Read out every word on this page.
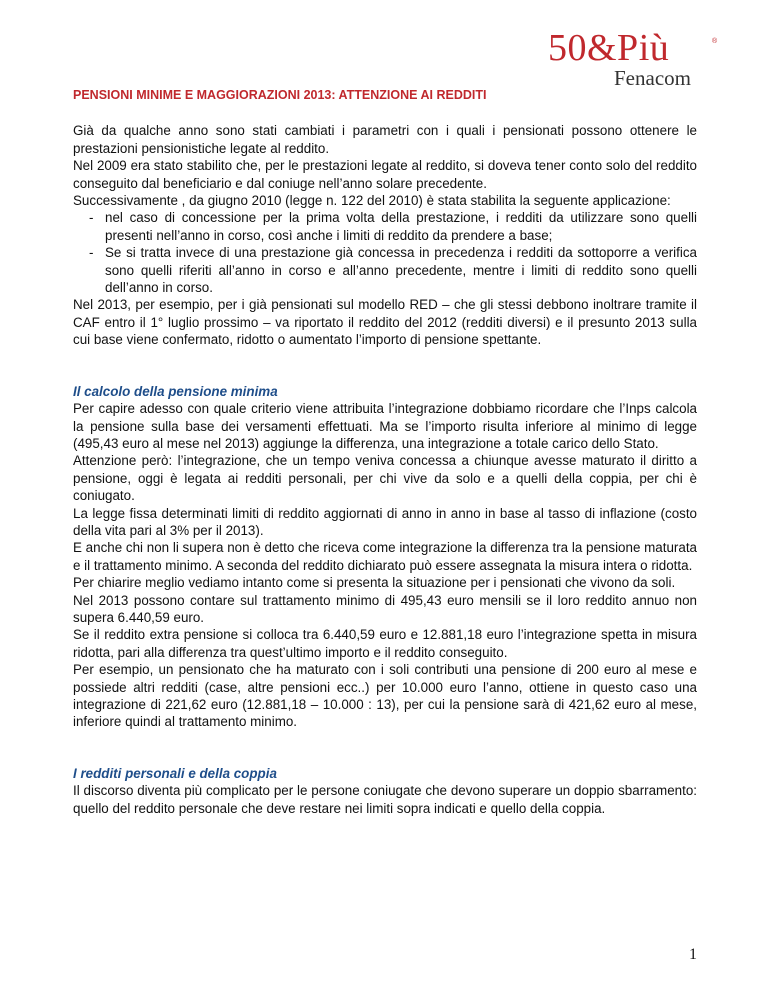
50&Più	®
Fenacom
PENSIONI MINIME E MAGGIORAZIONI 2013: ATTENZIONE AI REDDITI

Già da qualche anno sono stati cambiati i parametri con i quali i pensionati possono ottenere le prestazioni pensionistiche legate al reddito.

Nel 2009 era stato stabilito che, per le prestazioni legate al reddito, si doveva tener conto solo del reddito conseguito dal beneficiario e dal coniuge nell’anno solare precedente.

Successivamente , da giugno 2010 (legge n. 122 del 2010) è stata stabilita la seguente applicazione:

- nel caso di concessione per la prima volta della prestazione, i redditi da utilizzare sono quelli presenti nell’anno in corso, così anche i limiti di reddito da prendere a base;
- Se si tratta invece di una prestazione già concessa in precedenza i redditi da sottoporre a verifica sono quelli riferiti all’anno in corso e all’anno precedente, mentre i limiti di reddito sono quelli dell’anno in corso.

Nel 2013, per esempio, per i già pensionati sul modello RED – che gli stessi debbono inoltrare tramite il CAF entro il 1° luglio prossimo – va riportato il reddito del 2012 (redditi diversi) e il presunto 2013 sulla cui base viene confermato, ridotto o aumentato l’importo di pensione spettante.

Il calcolo della pensione minima

Per capire adesso con quale criterio viene attribuita l’integrazione dobbiamo ricordare che l’Inps calcola la pensione sulla base dei versamenti effettuati. Ma se l’importo risulta inferiore al minimo di legge (495,43 euro al mese nel 2013) aggiunge la differenza, una integrazione a totale carico dello Stato.

Attenzione però: l’integrazione, che un tempo veniva concessa a chiunque avesse maturato il diritto a pensione, oggi è legata ai redditi personali, per chi vive da solo e a quelli della coppia, per chi è coniugato.

La legge fissa determinati limiti di reddito aggiornati di anno in anno in base al tasso di inflazione (costo della vita pari al 3% per il 2013).

E anche chi non li supera non è detto che riceva come integrazione la differenza tra la pensione maturata e il trattamento minimo. A seconda del reddito dichiarato può essere assegnata la misura intera o ridotta.

Per chiarire meglio vediamo intanto come si presenta la situazione per i pensionati che vivono da soli.

Nel 2013 possono contare sul trattamento minimo di 495,43 euro mensili se il loro reddito annuo non supera 6.440,59 euro.

Se il reddito extra pensione si colloca tra 6.440,59 euro e 12.881,18 euro l’integrazione spetta in misura ridotta, pari alla differenza tra quest’ultimo importo e il reddito conseguito.

Per esempio, un pensionato che ha maturato con i soli contributi una pensione di 200 euro al mese e possiede altri redditi (case, altre pensioni ecc..) per 10.000 euro l’anno, ottiene in questo caso una integrazione di 221,62 euro (12.881,18 – 10.000 : 13), per cui la pensione sarà di 421,62 euro al mese, inferiore quindi al trattamento minimo.

I redditi personali e della coppia

Il discorso diventa più complicato per le persone coniugate che devono superare un doppio sbarramento: quello del reddito personale che deve restare nei limiti sopra indicati e quello della coppia.

1
